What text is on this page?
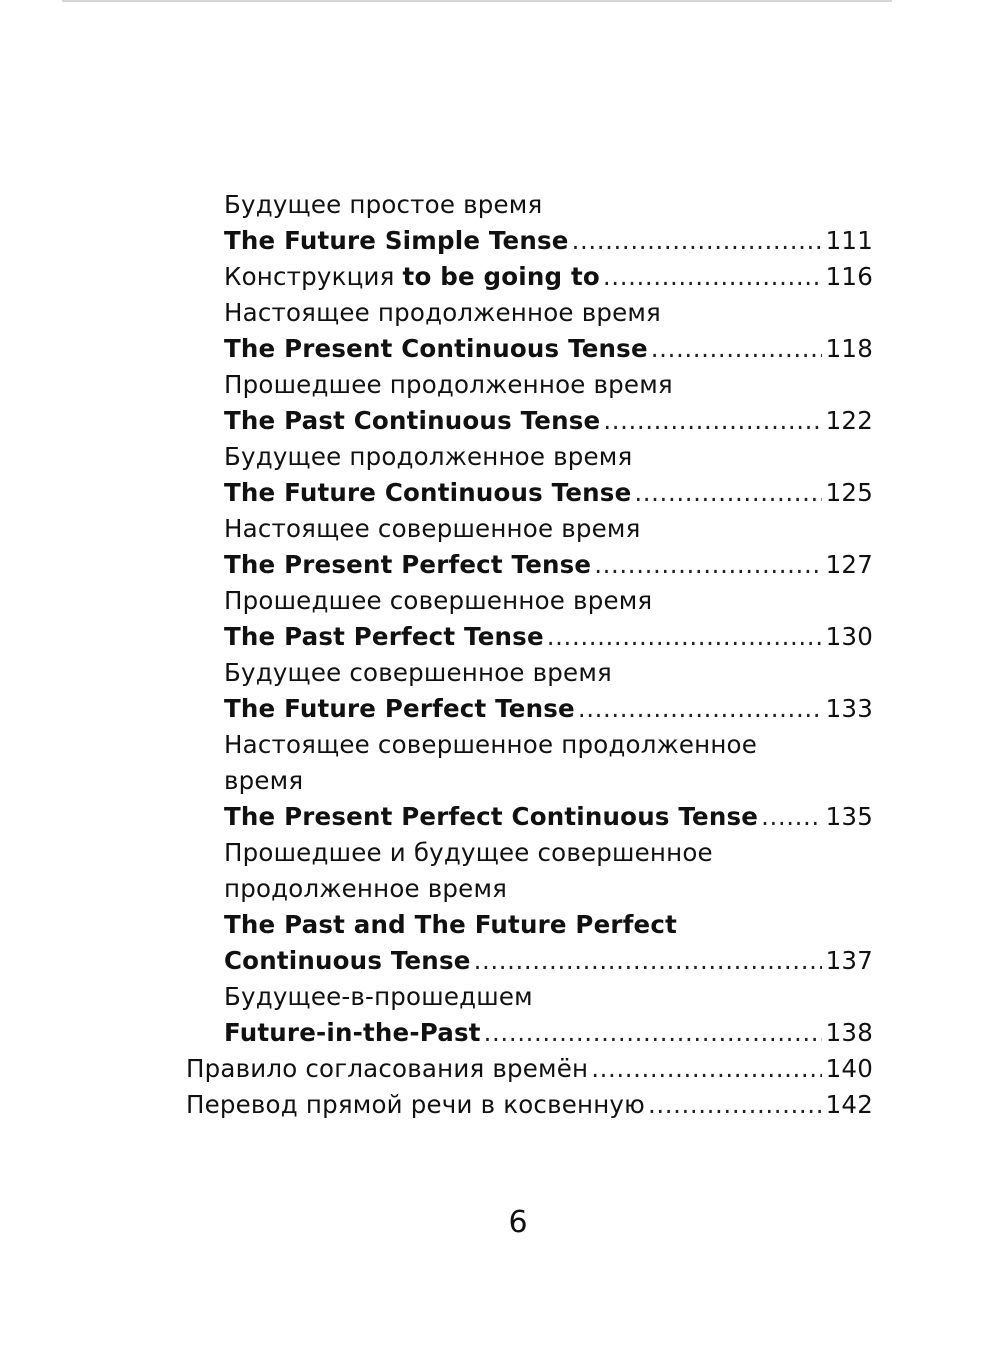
Будущее простое время
The Future Simple Tense .....	111
Конструкция to be going to .....	116
Настоящее продолженное время
The Present Continuous Tense .....	118
Прошедшее продолженное время
The Past Continuous Tense .....	122
Будущее продолженное время
The Future Continuous Tense .....	125
Настоящее совершенное время
The Present Perfect Tense .....	127
Прошедшее совершенное время
The Past Perfect Tense .....	130
Будущее совершенное время
The Future Perfect Tense .....	133
Настоящее совершенное продолженное
время
The Present Perfect Continuous Tense .....	135
Прошедшее и будущее совершенное
продолженное время
The Past and The Future Perfect
Continuous Tense .....	137
Будущее-в-прошедшем
Future-in-the-Past .....	138
Правило согласования времён .....	140
Перевод прямой речи в косвенную .....	142
6
